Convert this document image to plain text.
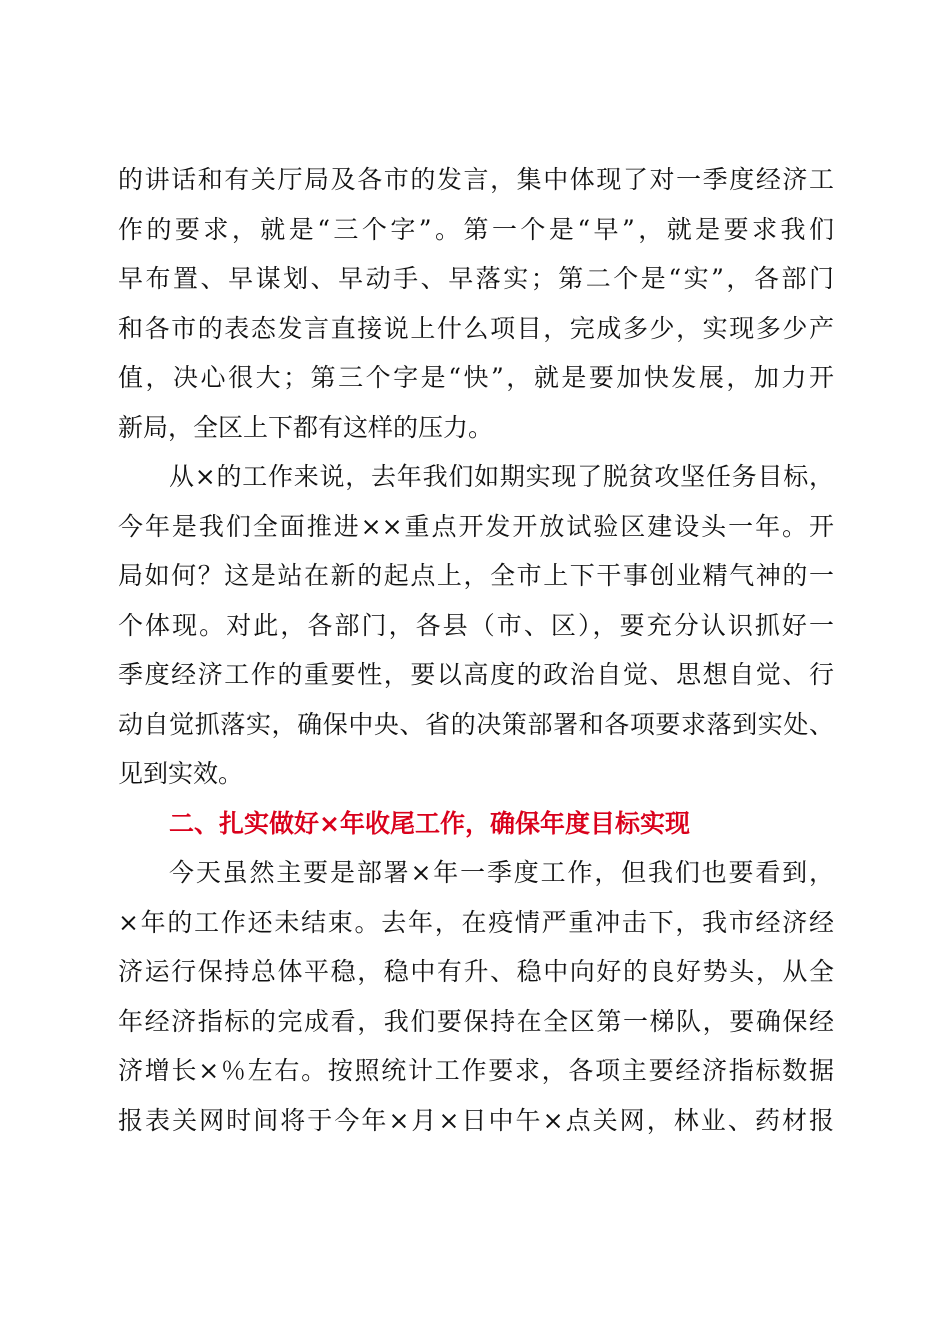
的讲话和有关厅局及各市的发言，集中体现了对一季度经济工
作的要求，就是“三个字”。第一个是“早”，就是要求我们
早布置、早谋划、早动手、早落实；第二个是“实”，各部门
和各市的表态发言直接说上什么项目，完成多少，实现多少产
值，决心很大；第三个字是“快”，就是要加快发展，加力开
新局，全区上下都有这样的压力。
从×的工作来说，去年我们如期实现了脱贫攻坚任务目标，
今年是我们全面推进××重点开发开放试验区建设头一年。开
局如何？这是站在新的起点上，全市上下干事创业精气神的一
个体现。对此，各部门，各县（市、区），要充分认识抓好一
季度经济工作的重要性，要以高度的政治自觉、思想自觉、行
动自觉抓落实，确保中央、省的决策部署和各项要求落到实处、
见到实效。
二、扎实做好×年收尾工作，确保年度目标实现
今天虽然主要是部署×年一季度工作，但我们也要看到，
×年的工作还未结束。去年，在疫情严重冲击下，我市经济经
济运行保持总体平稳，稳中有升、稳中向好的良好势头，从全
年经济指标的完成看，我们要保持在全区第一梯队，要确保经
济增长×％左右。按照统计工作要求，各项主要经济指标数据
报表关网时间将于今年×月×日中午×点关网，林业、药材报
